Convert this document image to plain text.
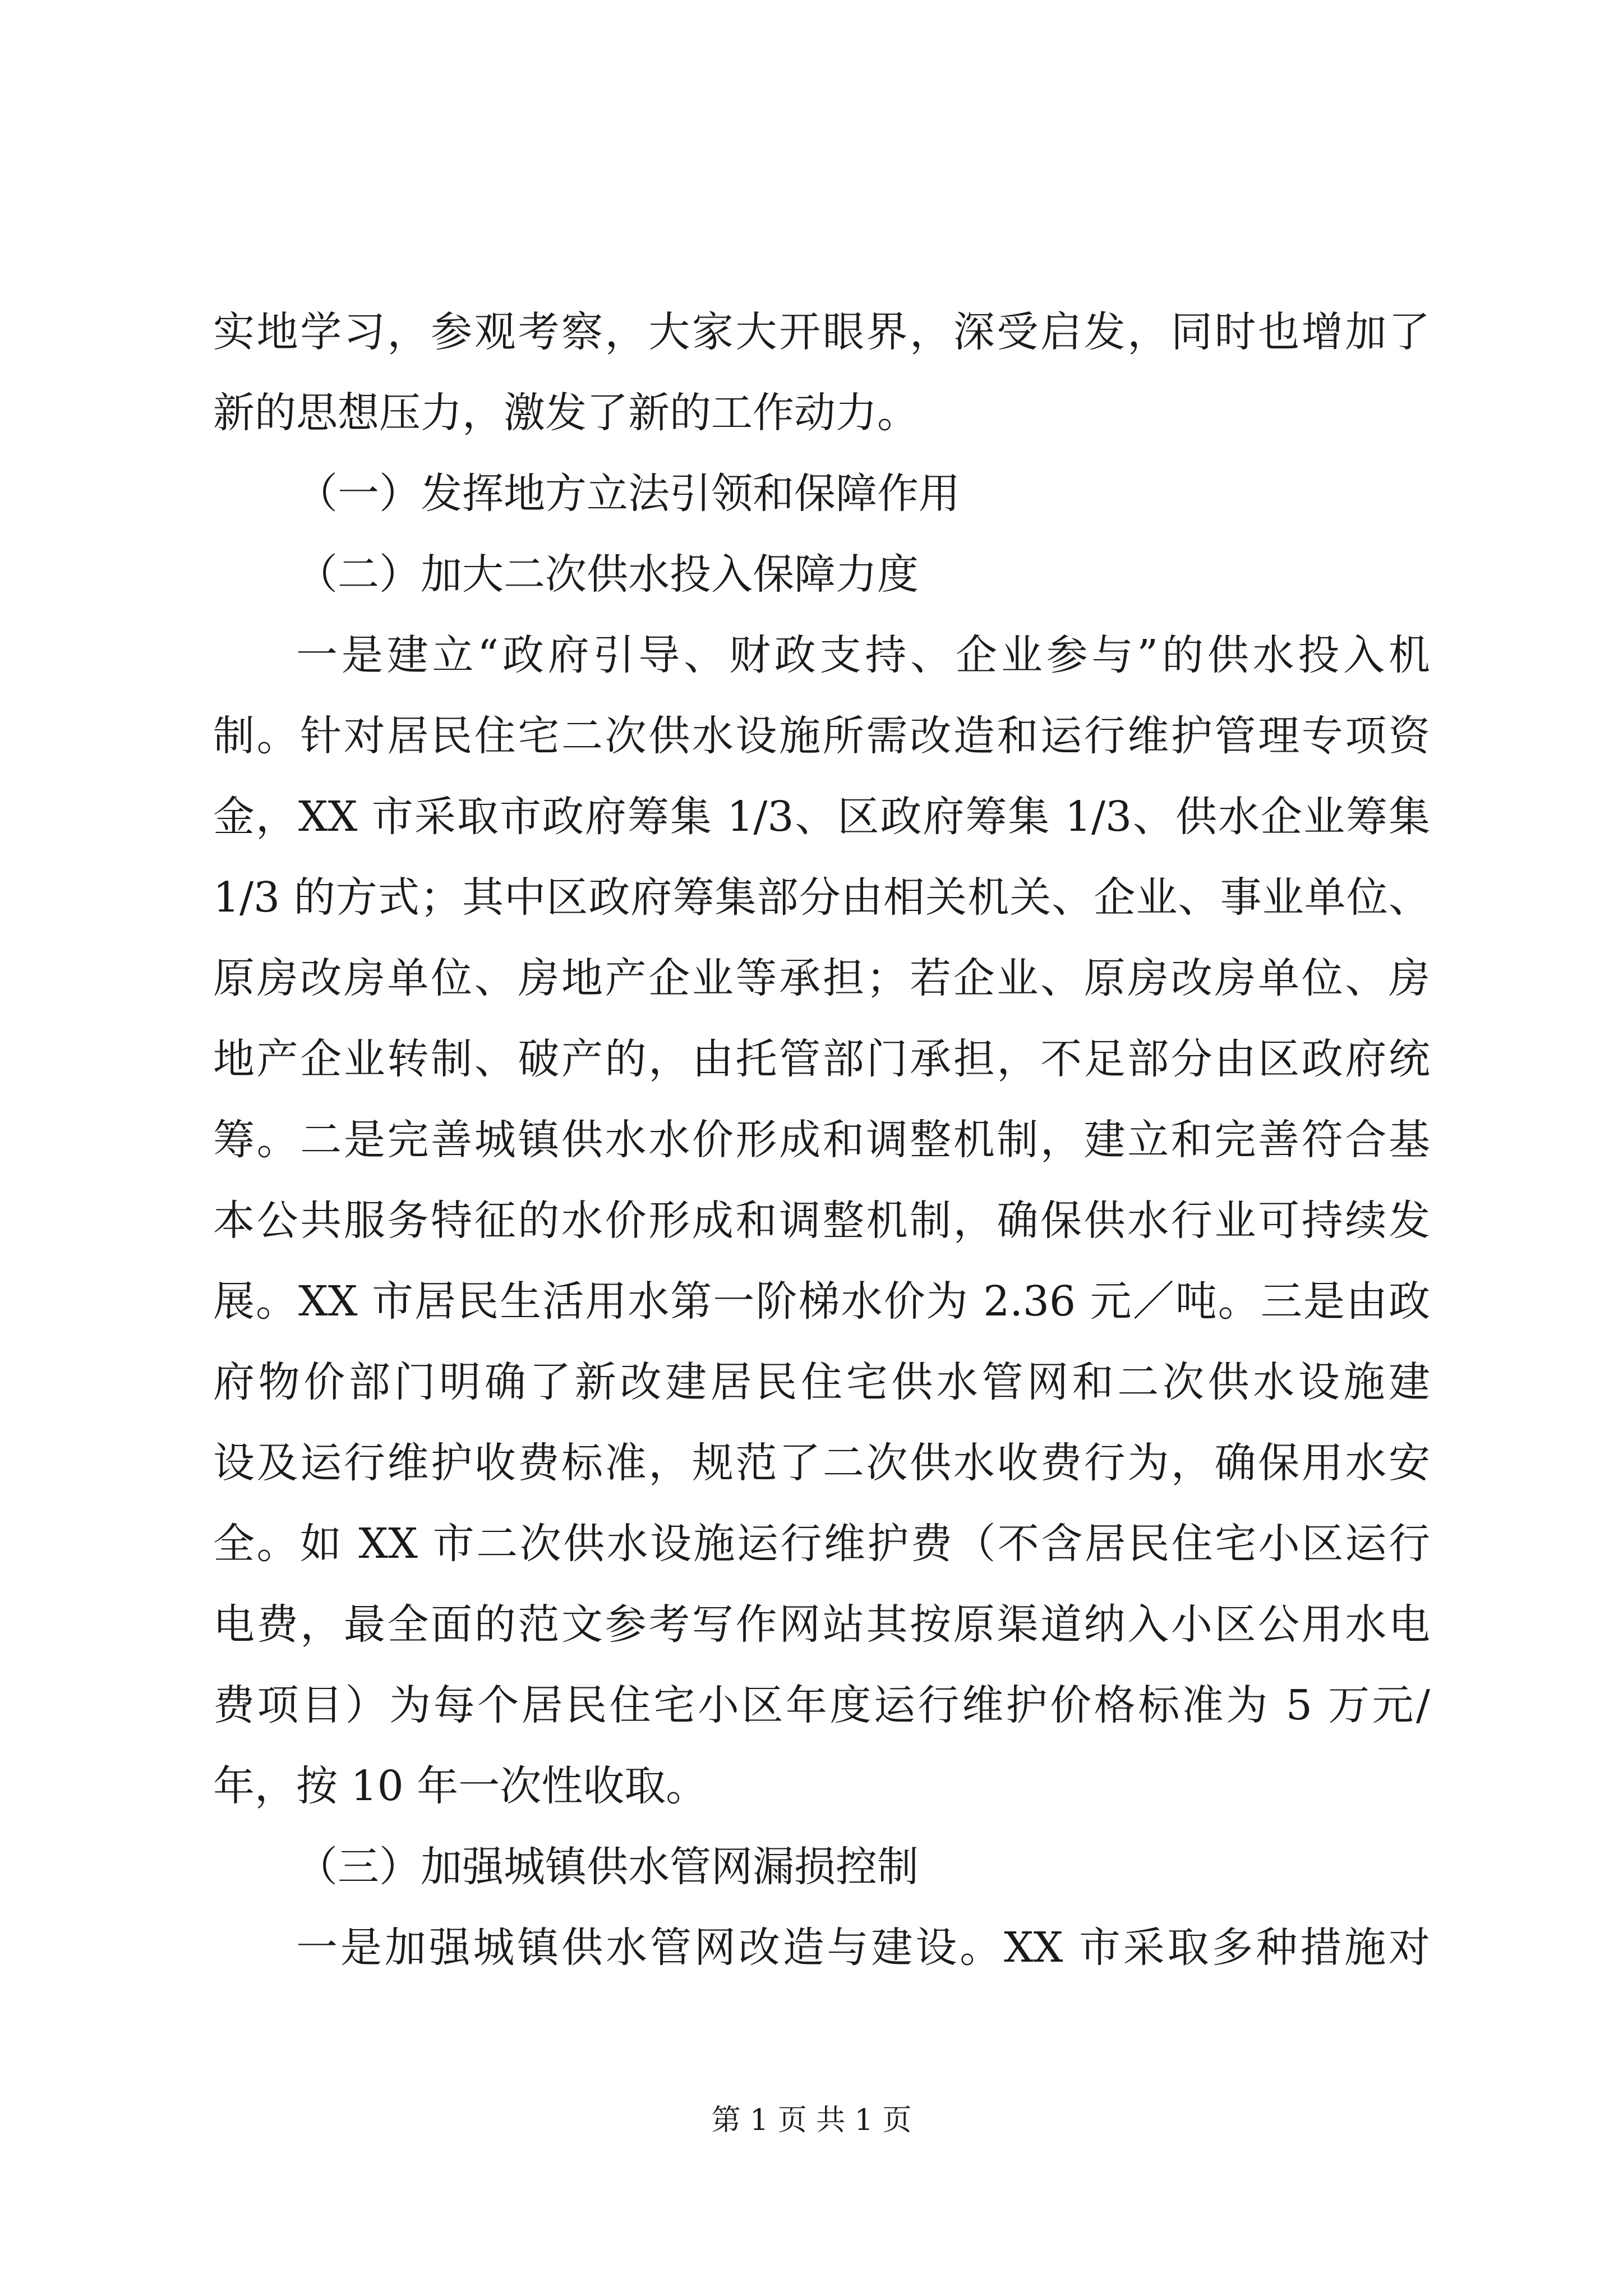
实地学习，参观考察，大家大开眼界，深受启发，同时也增加了
新的思想压力，激发了新的工作动力。
（一）发挥地方立法引领和保障作用
（二）加大二次供水投入保障力度
一是建立“政府引导、财政支持、企业参与”的供水投入机
制。针对居民住宅二次供水设施所需改造和运行维护管理专项资
金，XX 市采取市政府筹集 1/3、区政府筹集 1/3、供水企业筹集
1/3 的方式；其中区政府筹集部分由相关机关、企业、事业单位、
原房改房单位、房地产企业等承担；若企业、原房改房单位、房
地产企业转制、破产的，由托管部门承担，不足部分由区政府统
筹。二是完善城镇供水水价形成和调整机制，建立和完善符合基
本公共服务特征的水价形成和调整机制，确保供水行业可持续发
展。XX 市居民生活用水第一阶梯水价为 2.36 元／吨。三是由政
府物价部门明确了新改建居民住宅供水管网和二次供水设施建
设及运行维护收费标准，规范了二次供水收费行为，确保用水安
全。如 XX 市二次供水设施运行维护费（不含居民住宅小区运行
电费，最全面的范文参考写作网站其按原渠道纳入小区公用水电
费项目）为每个居民住宅小区年度运行维护价格标准为 5 万元/
年，按 10 年一次性收取。
（三）加强城镇供水管网漏损控制
一是加强城镇供水管网改造与建设。XX 市采取多种措施对
第 1 页 共 1 页
